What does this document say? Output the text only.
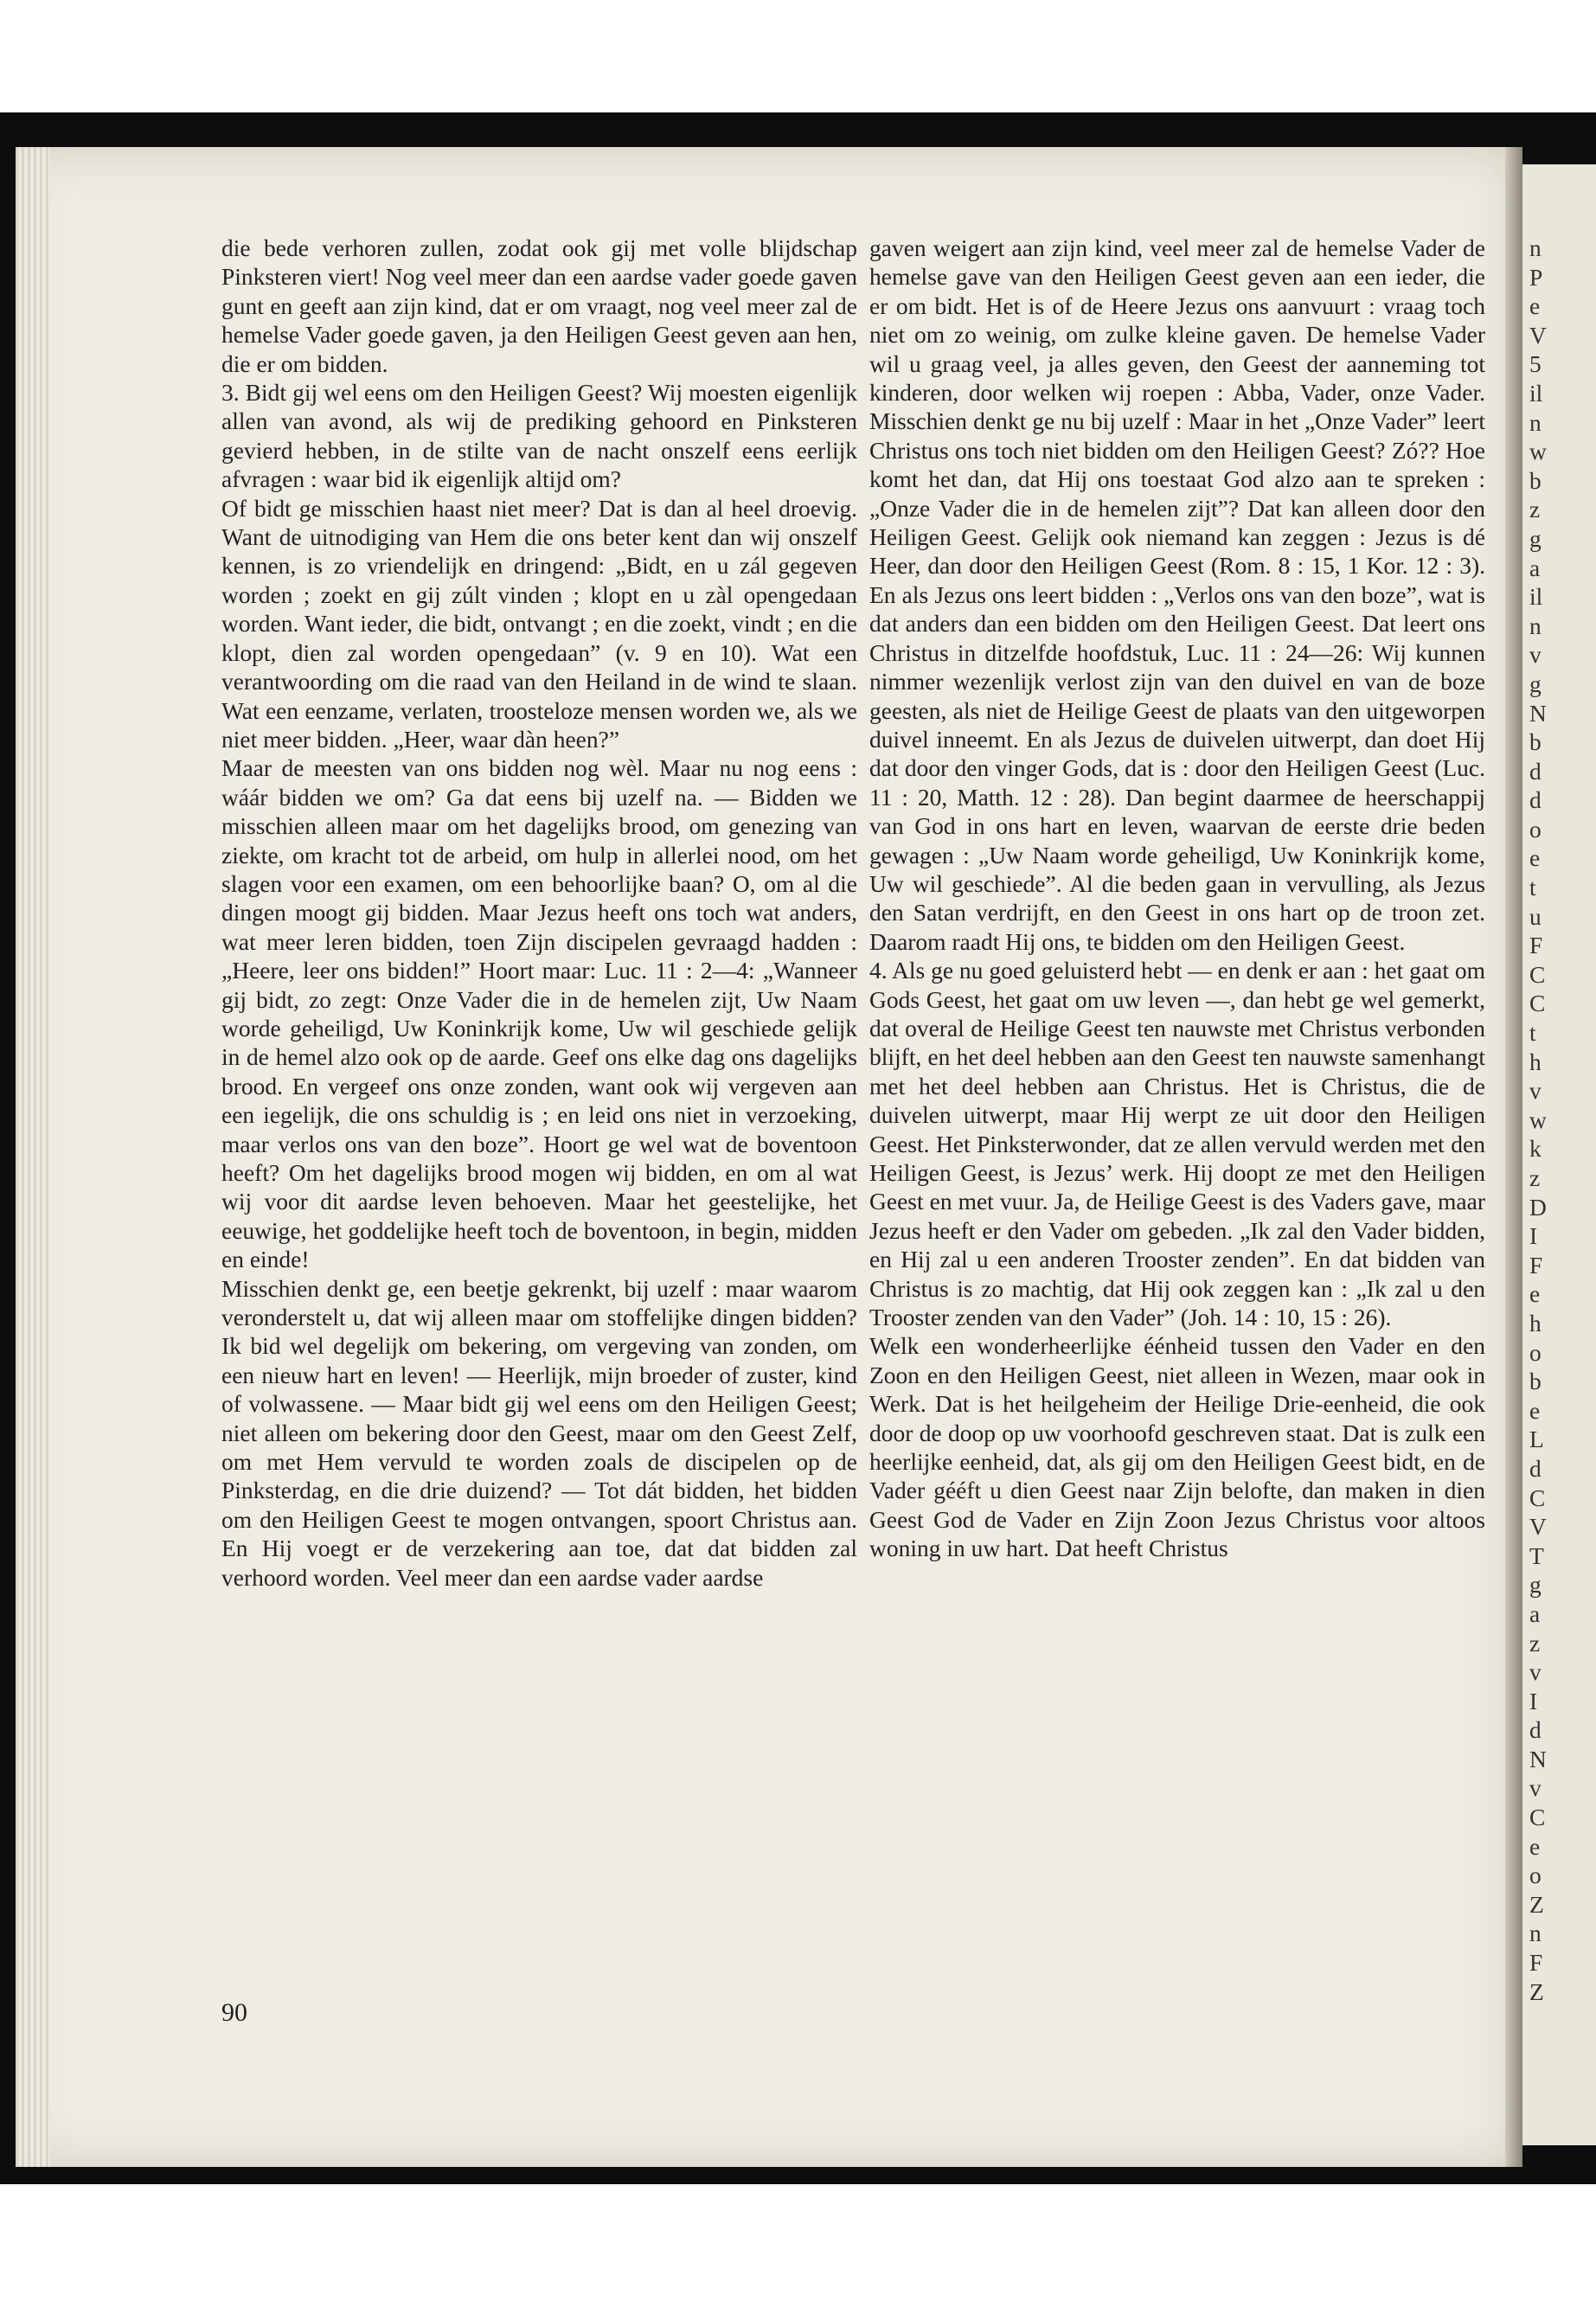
die bede verhoren zullen, zodat ook gij met volle blijdschap Pinksteren viert! Nog veel meer dan een aardse vader goede gaven gunt en geeft aan zijn kind, dat er om vraagt, nog veel meer zal de hemelse Vader goede gaven, ja den Heiligen Geest geven aan hen, die er om bidden.

3. Bidt gij wel eens om den Heiligen Geest? Wij moesten eigenlijk allen van avond, als wij de prediking gehoord en Pinksteren gevierd hebben, in de stilte van de nacht onszelf eens eerlijk afvragen : waar bid ik eigenlijk altijd om?

Of bidt ge misschien haast niet meer? Dat is dan al heel droevig. Want de uitnodiging van Hem die ons beter kent dan wij onszelf kennen, is zo vriendelijk en dringend: „Bidt, en u zál gegeven worden ; zoekt en gij zúlt vinden ; klopt en u zàl opengedaan worden. Want ieder, die bidt, ontvangt ; en die zoekt, vindt ; en die klopt, dien zal worden opengedaan” (v. 9 en 10). Wat een verantwoording om die raad van den Heiland in de wind te slaan. Wat een eenzame, verlaten, troosteloze mensen worden we, als we niet meer bidden. „Heer, waar dàn heen?”

Maar de meesten van ons bidden nog wèl. Maar nu nog eens : wáár bidden we om? Ga dat eens bij uzelf na. — Bidden we misschien alleen maar om het dagelijks brood, om genezing van ziekte, om kracht tot de arbeid, om hulp in allerlei nood, om het slagen voor een examen, om een behoorlijke baan? O, om al die dingen moogt gij bidden. Maar Jezus heeft ons toch wat anders, wat meer leren bidden, toen Zijn discipelen gevraagd hadden : „Heere, leer ons bidden!” Hoort maar: Luc. 11 : 2—4: „Wanneer gij bidt, zo zegt: Onze Vader die in de hemelen zijt, Uw Naam worde geheiligd, Uw Koninkrijk kome, Uw wil geschiede gelijk in de hemel alzo ook op de aarde. Geef ons elke dag ons dagelijks brood. En vergeef ons onze zonden, want ook wij vergeven aan een iegelijk, die ons schuldig is ; en leid ons niet in verzoeking, maar verlos ons van den boze”. Hoort ge wel wat de boventoon heeft? Om het dagelijks brood mogen wij bidden, en om al wat wij voor dit aardse leven behoeven. Maar het geestelijke, het eeuwige, het goddelijke heeft toch de boventoon, in begin, midden en einde!

Misschien denkt ge, een beetje gekrenkt, bij uzelf : maar waarom veronderstelt u, dat wij alleen maar om stoffelijke dingen bidden? Ik bid wel degelijk om bekering, om vergeving van zonden, om een nieuw hart en leven! — Heerlijk, mijn broeder of zuster, kind of volwassene. — Maar bidt gij wel eens om den Heiligen Geest; niet alleen om bekering door den Geest, maar om den Geest Zelf, om met Hem vervuld te worden zoals de discipelen op de Pinksterdag, en die drie duizend? — Tot dát bidden, het bidden om den Heiligen Geest te mogen ontvangen, spoort Christus aan. En Hij voegt er de verzekering aan toe, dat dat bidden zal verhoord worden. Veel meer dan een aardse vader aardse

gaven weigert aan zijn kind, veel meer zal de hemelse Vader de hemelse gave van den Heiligen Geest geven aan een ieder, die er om bidt. Het is of de Heere Jezus ons aanvuurt : vraag toch niet om zo weinig, om zulke kleine gaven. De hemelse Vader wil u graag veel, ja alles geven, den Geest der aanneming tot kinderen, door welken wij roepen : Abba, Vader, onze Vader. Misschien denkt ge nu bij uzelf : Maar in het „Onze Vader” leert Christus ons toch niet bidden om den Heiligen Geest? Zó?? Hoe komt het dan, dat Hij ons toestaat God alzo aan te spreken : „Onze Vader die in de hemelen zijt”? Dat kan alleen door den Heiligen Geest. Gelijk ook niemand kan zeggen : Jezus is dé Heer, dan door den Heiligen Geest (Rom. 8 : 15, 1 Kor. 12 : 3). En als Jezus ons leert bidden : „Verlos ons van den boze”, wat is dat anders dan een bidden om den Heiligen Geest. Dat leert ons Christus in ditzelfde hoofdstuk, Luc. 11 : 24—26: Wij kunnen nimmer wezenlijk verlost zijn van den duivel en van de boze geesten, als niet de Heilige Geest de plaats van den uitgeworpen duivel inneemt. En als Jezus de duivelen uitwerpt, dan doet Hij dat door den vinger Gods, dat is : door den Heiligen Geest (Luc. 11 : 20, Matth. 12 : 28). Dan begint daarmee de heerschappij van God in ons hart en leven, waarvan de eerste drie beden gewagen : „Uw Naam worde geheiligd, Uw Koninkrijk kome, Uw wil geschiede”. Al die beden gaan in vervulling, als Jezus den Satan verdrijft, en den Geest in ons hart op de troon zet. Daarom raadt Hij ons, te bidden om den Heiligen Geest.

4. Als ge nu goed geluisterd hebt — en denk er aan : het gaat om Gods Geest, het gaat om uw leven —, dan hebt ge wel gemerkt, dat overal de Heilige Geest ten nauwste met Christus verbonden blijft, en het deel hebben aan den Geest ten nauwste samenhangt met het deel hebben aan Christus. Het is Christus, die de duivelen uitwerpt, maar Hij werpt ze uit door den Heiligen Geest. Het Pinksterwonder, dat ze allen vervuld werden met den Heiligen Geest, is Jezus’ werk. Hij doopt ze met den Heiligen Geest en met vuur. Ja, de Heilige Geest is des Vaders gave, maar Jezus heeft er den Vader om gebeden. „Ik zal den Vader bidden, en Hij zal u een anderen Trooster zenden”. En dat bidden van Christus is zo machtig, dat Hij ook zeggen kan : „Ik zal u den Trooster zenden van den Vader” (Joh. 14 : 10, 15 : 26).

Welk een wonderheerlijke éénheid tussen den Vader en den Zoon en den Heiligen Geest, niet alleen in Wezen, maar ook in Werk. Dat is het heilgeheim der Heilige Drie-eenheid, die ook door de doop op uw voorhoofd geschreven staat. Dat is zulk een heerlijke eenheid, dat, als gij om den Heiligen Geest bidt, en de Vader gééft u dien Geest naar Zijn belofte, dan maken in dien Geest God de Vader en Zijn Zoon Jezus Christus voor altoos woning in uw hart. Dat heeft Christus

90
n
P
e
V
5
il
n
w
b
z
g
a
il
n
v
g
N
b
d
d
o
e
t
u
F
C
C
t
h
v
w
k
z
D
I
F
e
h
o
b
e
L
d
C
V
T
g
a
z
v
I
d
N
v
C
e
o
Z
n
F
Z
